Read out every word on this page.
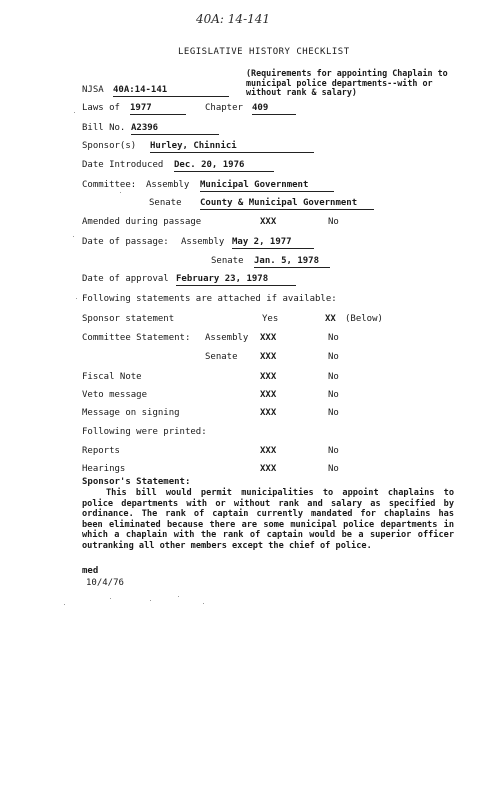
40A: 14-141
LEGISLATIVE HISTORY CHECKLIST
(Requirements for appointing Chaplain to municipal police departments--with or without rank & salary)
NJSA 40A:14-141
Laws of 1977	Chapter 409
Bill No. A2396
Sponsor(s) Hurley, Chinnici
Date Introduced Dec. 20, 1976
Committee: Assembly Municipal Government
Senate County & Municipal Government
Amended during passage	XXX	No
Date of passage: Assembly May 2, 1977
Senate Jan. 5, 1978
Date of approval February 23, 1978
Following statements are attached if available:
Sponsor statement	Yes	XX (Below)
Committee Statement: Assembly XXX	No
Senate XXX	No
Fiscal Note	XXX	No
Veto message	XXX	No
Message on signing	XXX	No
Following were printed:
Reports	XXX	No
Hearings	XXX	No
Sponsor's Statement:

This bill would permit municipalities to appoint chaplains to police departments with or without rank and salary as specified by ordinance. The rank of captain currently mandated for chaplains has been eliminated because there are some municipal police departments in which a chaplain with the rank of captain would be a superior officer outranking all other members except the chief of police.

med
10/4/76
